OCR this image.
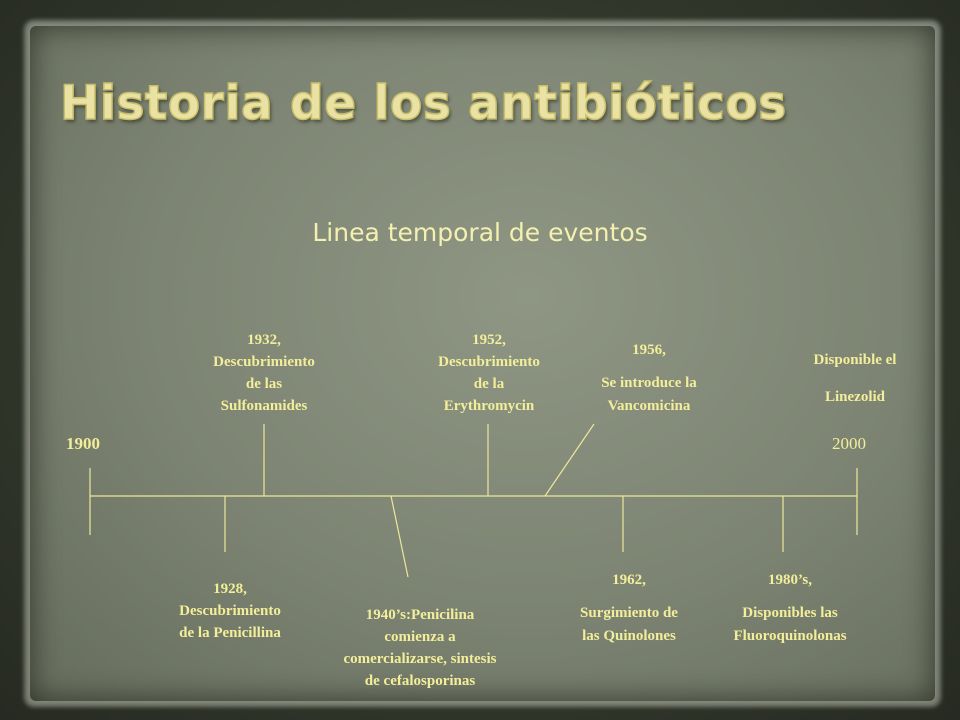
Historia de los antibióticos
Linea temporal de eventos
1900	2000
1932,
Descubrimiento
de las
Sulfonamides
1952,
Descubrimiento
de la
Erythromycin
1956,
Se introduce la
Vancomicina
Disponible el
Linezolid
1928,
Descubrimiento
de la Penicillina
1940’s:Penicilina
comienza a
comercializarse, sintesis
de cefalosporinas
1962,
Surgimiento de
las Quinolones
1980’s,
Disponibles las
Fluoroquinolonas
